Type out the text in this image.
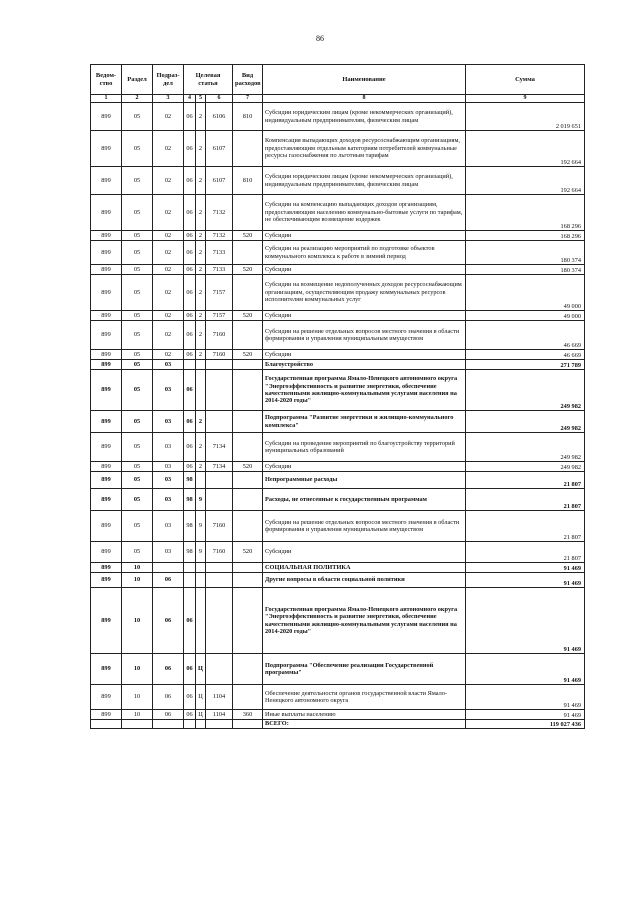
86
Ведом-ство	Раздел	Подраз-дел	Целевая статья			Вид расходов	Наименование	Сумма
1	2	3	4	5	6	7	8	9
899	05	02	06	2	6106	810	Субсидии юридическим лицам (кроме некоммерческих организаций), индивидуальным предпринимателям, физическим лицам	2 019 651
899	05	02	06	2	6107		Компенсация выпадающих доходов ресурсоснабжающим организациям, предоставляющим отдельным категориям потребителей коммунальные ресурсы газоснабжения по льготным тарифам	192 664
899	05	02	06	2	6107	810	Субсидии юридическим лицам (кроме некоммерческих организаций), индивидуальным предпринимателям, физическим лицам	192 664
899	05	02	06	2	7132		Субсидии на компенсацию выпадающих доходов организациям, предоставляющим населению коммунально-бытовые услуги по тарифам, не обеспечивающим возмещение издержек	168 296
899	05	02	06	2	7132	520	Субсидии	168 296
899	05	02	06	2	7133		Субсидии на реализацию мероприятий по подготовке объектов коммунального комплекса к работе в зимний период	180 374
899	05	02	06	2	7133	520	Субсидии	180 374
899	05	02	06	2	7157		Субсидии на возмещение недополученных доходов ресурсоснабжающим организациям, осуществляющим продажу коммунальных ресурсов исполнителям коммунальных услуг	49 000
899	05	02	06	2	7157	520	Субсидии	49 000
899	05	02	06	2	7160		Субсидии на решение отдельных вопросов местного значения в области формирования и управления муниципальным имуществом	46 669
899	05	02	06	2	7160	520	Субсидии	46 669
899	05	03					Благоустройство	271 789
899	05	03	06				Государственная программа Ямало-Ненецкого автономного округа "Энергоэффективность и развитие энергетики, обеспечение качественными жилищно-коммунальными услугами населения на 2014-2020 годы"	249 982
899	05	03	06	2			Подпрограмма "Развитие энергетики и жилищно-коммунального комплекса"	249 982
899	05	03	06	2	7134		Субсидии на проведение мероприятий по благоустройству территорий муниципальных образований	249 982
899	05	03	06	2	7134	520	Субсидии	249 982
899	05	03	98				Непрограммные расходы	21 807
899	05	03	98	9			Расходы, не отнесенные к государственным программам	21 807
899	05	03	98	9	7160		Субсидии на решение отдельных вопросов местного значения в области формирования и управления муниципальным имуществом	21 807
899	05	03	98	9	7160	520	Субсидии	21 807
899	10						СОЦИАЛЬНАЯ ПОЛИТИКА	91 469
899	10	06					Другие вопросы в области социальной политики	91 469
899	10	06	06				Государственная программа Ямало-Ненецкого автономного округа "Энергоэффективность и развитие энергетики, обеспечение качественными жилищно-коммунальными услугами населения на 2014-2020 годы"	91 469
899	10	06	06	Ц			Подпрограмма "Обеспечение реализации Государственной программы"	91 469
899	10	06	06	Ц	1104		Обеспечение деятельности органов государственной власти Ямало-Ненецкого автономного округа	91 469
899	10	06	06	Ц	1104	360	Иные выплаты населению	91 469
							ВСЕГО:	119 027 436
